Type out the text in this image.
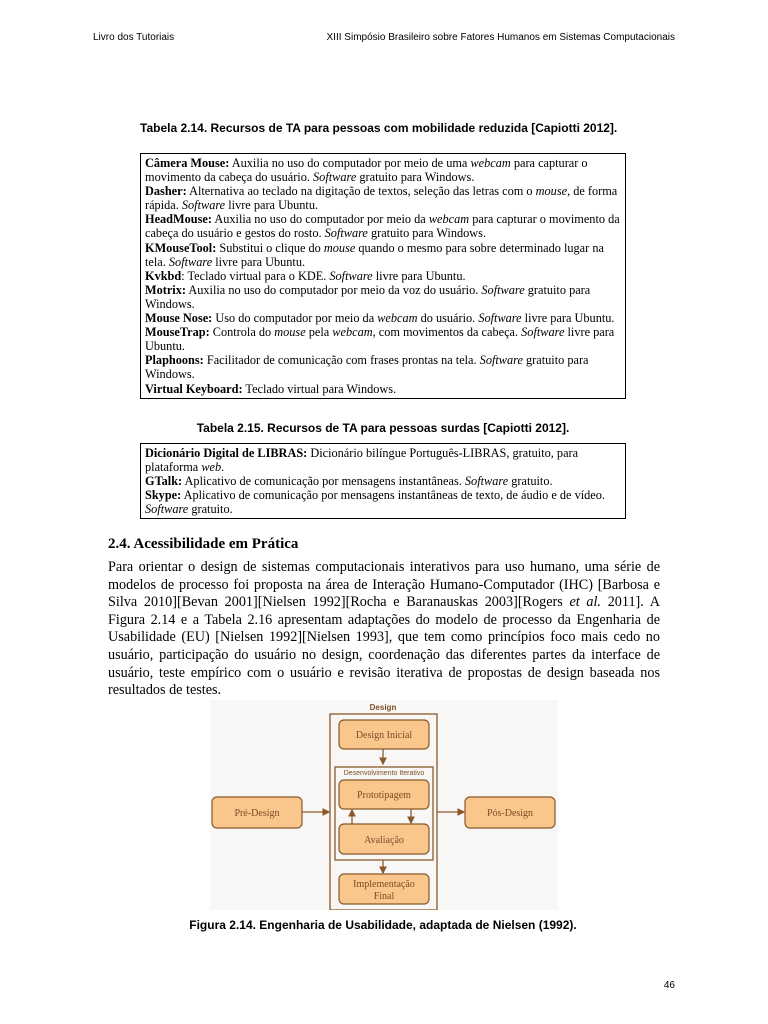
Livro dos Tutoriais	XIII Simpósio Brasileiro sobre Fatores Humanos em Sistemas Computacionais
Tabela 2.14. Recursos de TA para pessoas com mobilidade reduzida [Capiotti 2012].
Câmera Mouse: Auxilia no uso do computador por meio de uma webcam para capturar o movimento da cabeça do usuário. Software gratuito para Windows.
Dasher: Alternativa ao teclado na digitação de textos, seleção das letras com o mouse, de forma rápida. Software livre para Ubuntu.
HeadMouse: Auxilia no uso do computador por meio da webcam para capturar o movimento da cabeça do usuário e gestos do rosto. Software gratuito para Windows.
KMouseTool: Substitui o clique do mouse quando o mesmo para sobre determinado lugar na tela. Software livre para Ubuntu.
Kvkbd: Teclado virtual para o KDE. Software livre para Ubuntu.
Motrix: Auxilia no uso do computador por meio da voz do usuário. Software gratuito para Windows.
Mouse Nose: Uso do computador por meio da webcam do usuário. Software livre para Ubuntu.
MouseTrap: Controla do mouse pela webcam, com movimentos da cabeça. Software livre para Ubuntu.
Plaphoons: Facilitador de comunicação com frases prontas na tela. Software gratuito para Windows.
Virtual Keyboard: Teclado virtual para Windows.
Tabela 2.15. Recursos de TA para pessoas surdas [Capiotti 2012].
Dicionário Digital de LIBRAS: Dicionário bilíngue Português-LIBRAS, gratuito, para plataforma web.
GTalk: Aplicativo de comunicação por mensagens instantâneas. Software gratuito.
Skype: Aplicativo de comunicação por mensagens instantâneas de texto, de áudio e de vídeo. Software gratuito.
2.4. Acessibilidade em Prática
Para orientar o design de sistemas computacionais interativos para uso humano, uma série de modelos de processo foi proposta na área de Interação Humano-Computador (IHC) [Barbosa e Silva 2010][Bevan 2001][Nielsen 1992][Rocha e Baranauskas 2003][Rogers et al. 2011]. A Figura 2.14 e a Tabela 2.16 apresentam adaptações do modelo de processo da Engenharia de Usabilidade (EU) [Nielsen 1992][Nielsen 1993], que tem como princípios foco mais cedo no usuário, participação do usuário no design, coordenação das diferentes partes da interface de usuário, teste empírico com o usuário e revisão iterativa de propostas de design baseada nos resultados de testes.
Design
Desenvolvimento Iterativo
Design Inicial
Prototipagem
Avaliação
Implementação
Final
Pré-Design	Pós-Design
Figura 2.14. Engenharia de Usabilidade, adaptada de Nielsen (1992).
46
